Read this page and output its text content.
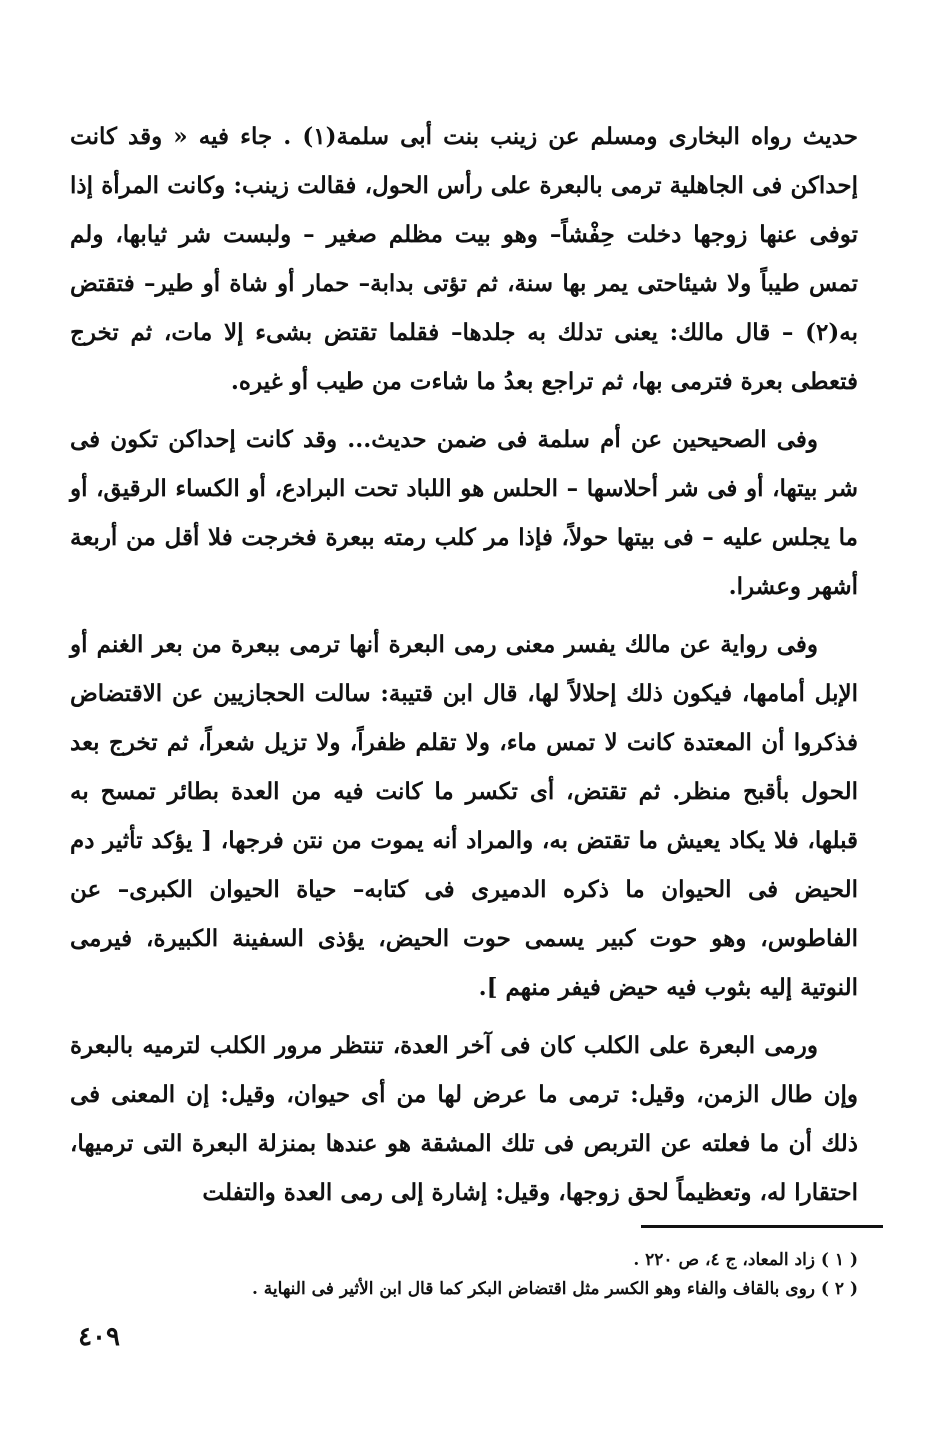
حديث رواه البخارى ومسلم عن زينب بنت أبى سلمة(١) . جاء فيه « وقد كانت إحداكن فى الجاهلية ترمى بالبعرة على رأس الحول، فقالت زينب: وكانت المرأة إذا توفى عنها زوجها دخلت حِفْشاً– وهو بيت مظلم صغير – ولبست شر ثيابها، ولم تمس طيباً ولا شيئاحتى يمر بها سنة، ثم تؤتى بدابة– حمار أو شاة أو طير– فتقتض به(٢) – قال مالك: يعنى تدلك به جلدها– فقلما تقتض بشىء إلا مات، ثم تخرج فتعطى بعرة فترمى بها، ثم تراجع بعدُ ما شاءت من طيب أو غيره.

وفى الصحيحين عن أم سلمة فى ضمن حديث... وقد كانت إحداكن تكون فى شر بيتها، أو فى شر أحلاسها – الحلس هو اللباد تحت البرادع، أو الكساء الرقيق، أو ما يجلس عليه – فى بيتها حولاً، فإذا مر كلب رمته ببعرة فخرجت فلا أقل من أربعة أشهر وعشرا.

وفى رواية عن مالك يفسر معنى رمى البعرة أنها ترمى ببعرة من بعر الغنم أو الإبل أمامها، فيكون ذلك إحلالاً لها، قال ابن قتيبة: سالت الحجازيين عن الاقتضاض فذكروا أن المعتدة كانت لا تمس ماء، ولا تقلم ظفراً، ولا تزيل شعراً، ثم تخرج بعد الحول بأقبح منظر. ثم تقتض، أى تكسر ما كانت فيه من العدة بطائر تمسح به قبلها، فلا يكاد يعيش ما تقتض به، والمراد أنه يموت من نتن فرجها، [ يؤكد تأثير دم الحيض فى الحيوان ما ذكره الدميرى فى كتابه– حياة الحيوان الكبرى– عن الفاطوس، وهو حوت كبير يسمى حوت الحيض، يؤذى السفينة الكبيرة، فيرمى النوتية إليه بثوب فيه حيض فيفر منهم ].

ورمى البعرة على الكلب كان فى آخر العدة، تنتظر مرور الكلب لترميه بالبعرة وإن طال الزمن، وقيل: ترمى ما عرض لها من أى حيوان، وقيل: إن المعنى فى ذلك أن ما فعلته عن التربص فى تلك المشقة هو عندها بمنزلة البعرة التى ترميها، احتقارا له، وتعظيماً لحق زوجها، وقيل: إشارة إلى رمى العدة والتفلت

( ١ ) زاد المعاد، ج ٤، ص ٢٢٠ .
( ٢ ) روى بالقاف والفاء وهو الكسر مثل اقتضاض البكر كما قال ابن الأثير فى النهاية .
٤٠٩
